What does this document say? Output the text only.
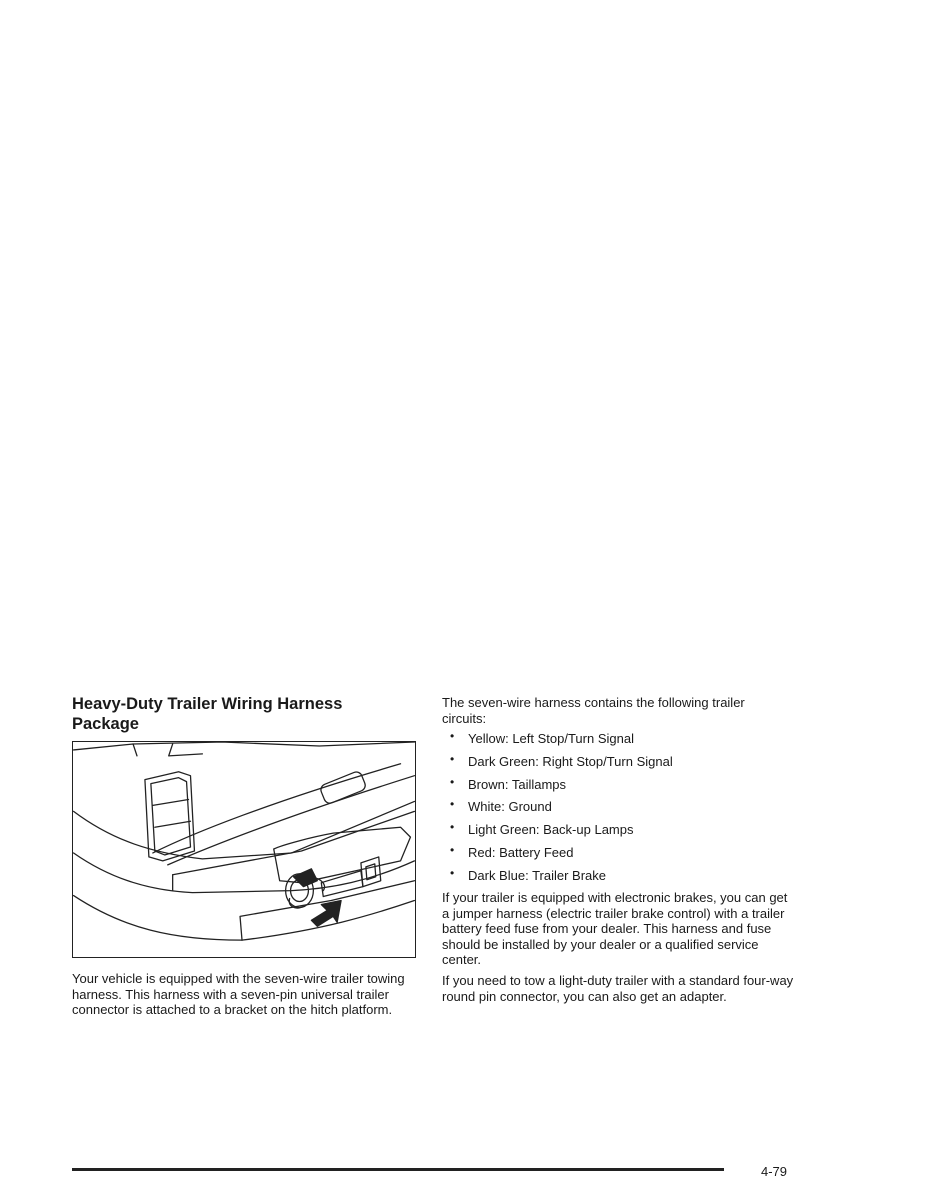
Heavy-Duty Trailer Wiring Harness Package

Your vehicle is equipped with the seven-wire trailer towing harness. This harness with a seven-pin universal trailer connector is attached to a bracket on the hitch platform.

The seven-wire harness contains the following trailer circuits:

• Yellow: Left Stop/Turn Signal
• Dark Green: Right Stop/Turn Signal
• Brown: Taillamps
• White: Ground
• Light Green: Back-up Lamps
• Red: Battery Feed
• Dark Blue: Trailer Brake

If your trailer is equipped with electronic brakes, you can get a jumper harness (electric trailer brake control) with a trailer battery feed fuse from your dealer. This harness and fuse should be installed by your dealer or a qualified service center.

If you need to tow a light-duty trailer with a standard four-way round pin connector, you can also get an adapter.

4-79
